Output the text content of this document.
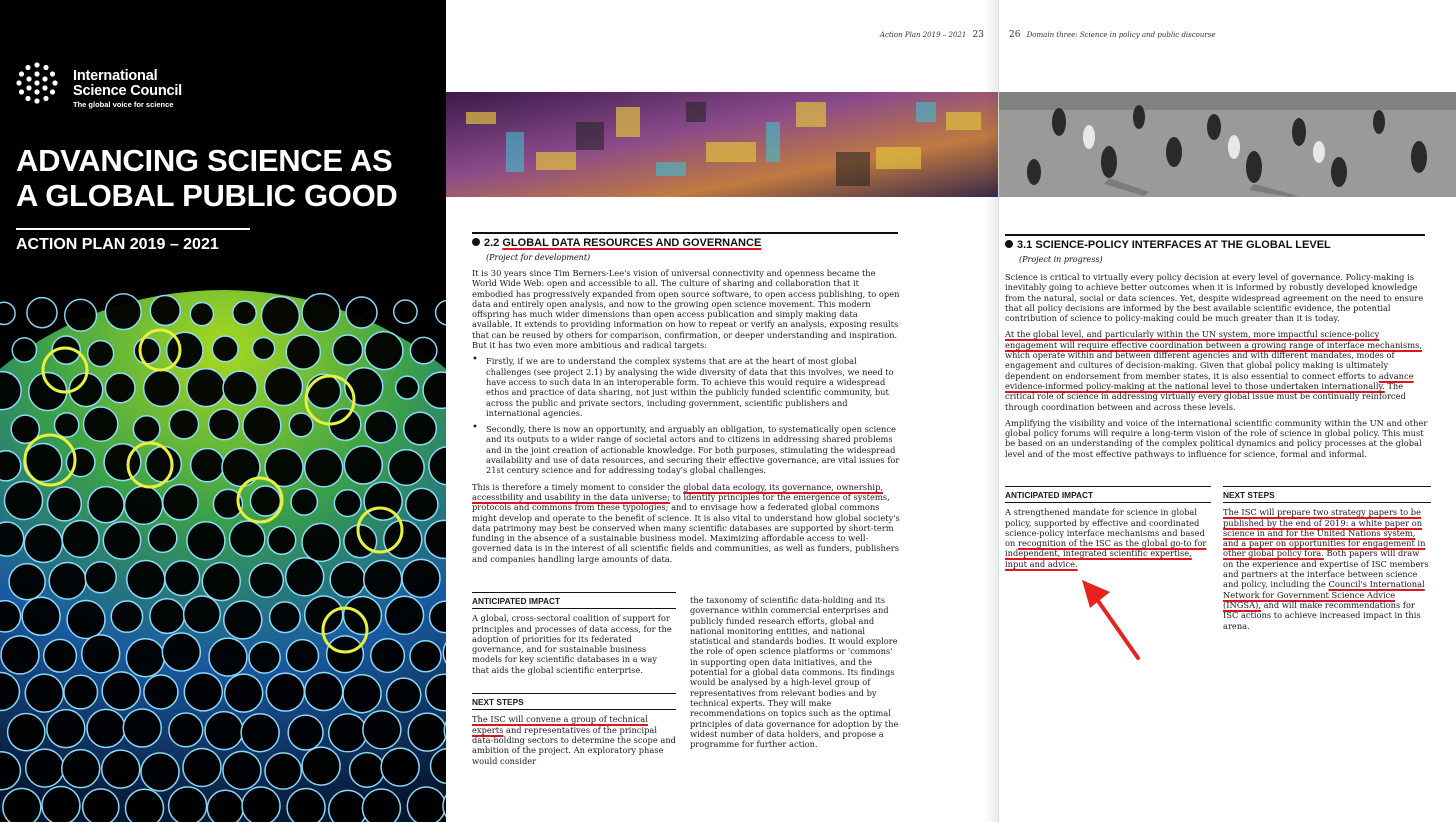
International
Science Council
The global voice for science
ADVANCING SCIENCE AS
A GLOBAL PUBLIC GOOD
ACTION PLAN 2019 – 2021
Action Plan 2019 – 2021 23
2.2 GLOBAL DATA RESOURCES AND GOVERNANCE
(Project for development)

It is 30 years since Tim Berners-Lee's vision of universal connectivity and openness became the World Wide Web: open and accessible to all. The culture of sharing and collaboration that it embodied has progressively expanded from open source software, to open access publishing, to open data and entirely open analysis, and now to the growing open science movement. This modern offspring has much wider dimensions than open access publication and simply making data available. It extends to providing information on how to repeat or verify an analysis, exposing results that can be reused by others for comparison, confirmation, or deeper understanding and inspiration. But it has two even more ambitious and radical targets:

• Firstly, if we are to understand the complex systems that are at the heart of most global challenges (see project 2.1) by analysing the wide diversity of data that this involves, we need to have access to such data in an interoperable form. To achieve this would require a widespread ethos and practice of data sharing, not just within the publicly funded scientific community, but across the public and private sectors, including government, scientific publishers and international agencies.
• Secondly, there is now an opportunity, and arguably an obligation, to systematically open science and its outputs to a wider range of societal actors and to citizens in addressing shared problems and in the joint creation of actionable knowledge. For both purposes, stimulating the widespread availability and use of data resources, and securing their effective governance, are vital issues for 21st century science and for addressing today's global challenges.

This is therefore a timely moment to consider the global data ecology, its governance, ownership, accessibility and usability in the data universe; to identify principles for the emergence of systems, protocols and commons from these typologies; and to envisage how a federated global commons might develop and operate to the benefit of science. It is also vital to understand how global society's data patrimony may best be conserved when many scientific databases are supported by short-term funding in the absence of a sustainable business model. Maximizing affordable access to well-governed data is in the interest of all scientific fields and communities, as well as funders, publishers and companies handling large amounts of data.

ANTICIPATED IMPACT

A global, cross-sectoral coalition of support for principles and processes of data access, for the adoption of priorities for its federated governance, and for sustainable business models for key scientific databases in a way that aids the global scientific enterprise.

NEXT STEPS

The ISC will convene a group of technical experts and representatives of the principal data-holding sectors to determine the scope and ambition of the project. An exploratory phase would consider

the taxonomy of scientific data-holding and its governance within commercial enterprises and publicly funded research efforts, global and national monitoring entities, and national statistical and standards bodies. It would explore the role of open science platforms or 'commons' in supporting open data initiatives, and the potential for a global data commons. Its findings would be analysed by a high-level group of representatives from relevant bodies and by technical experts. They will make recommendations on topics such as the optimal principles of data governance for adoption by the widest number of data holders, and propose a programme for further action.

26 Domain three: Science in policy and public discourse
3.1 SCIENCE-POLICY INTERFACES AT THE GLOBAL LEVEL
(Project in progress)

Science is critical to virtually every policy decision at every level of governance. Policy-making is inevitably going to achieve better outcomes when it is informed by robustly developed knowledge from the natural, social or data sciences. Yet, despite widespread agreement on the need to ensure that all policy decisions are informed by the best available scientific evidence, the potential contribution of science to policy-making could be much greater than it is today.

At the global level, and particularly within the UN system, more impactful science-policy engagement will require effective coordination between a growing range of interface mechanisms, which operate within and between different agencies and with different mandates, modes of engagement and cultures of decision-making. Given that global policy making is ultimately dependent on endorsement from member states, it is also essential to connect efforts to advance evidence-informed policy-making at the national level to those undertaken internationally. The critical role of science in addressing virtually every global issue must be continually reinforced through coordination between and across these levels.

Amplifying the visibility and voice of the international scientific community within the UN and other global policy forums will require a long-term vision of the role of science in global policy. This must be based on an understanding of the complex political dynamics and policy processes at the global level and of the most effective pathways to influence for science, formal and informal.

ANTICIPATED IMPACT

A strengthened mandate for science in global policy, supported by effective and coordinated science-policy interface mechanisms and based on recognition of the ISC as the global go-to for independent, integrated scientific expertise, input and advice.

NEXT STEPS

The ISC will prepare two strategy papers to be published by the end of 2019: a white paper on science in and for the United Nations system, and a paper on opportunities for engagement in other global policy fora. Both papers will draw on the experience and expertise of ISC members and partners at the interface between science and policy, including the Council's International Network for Government Science Advice (INGSA), and will make recommendations for ISC actions to achieve increased impact in this arena.
